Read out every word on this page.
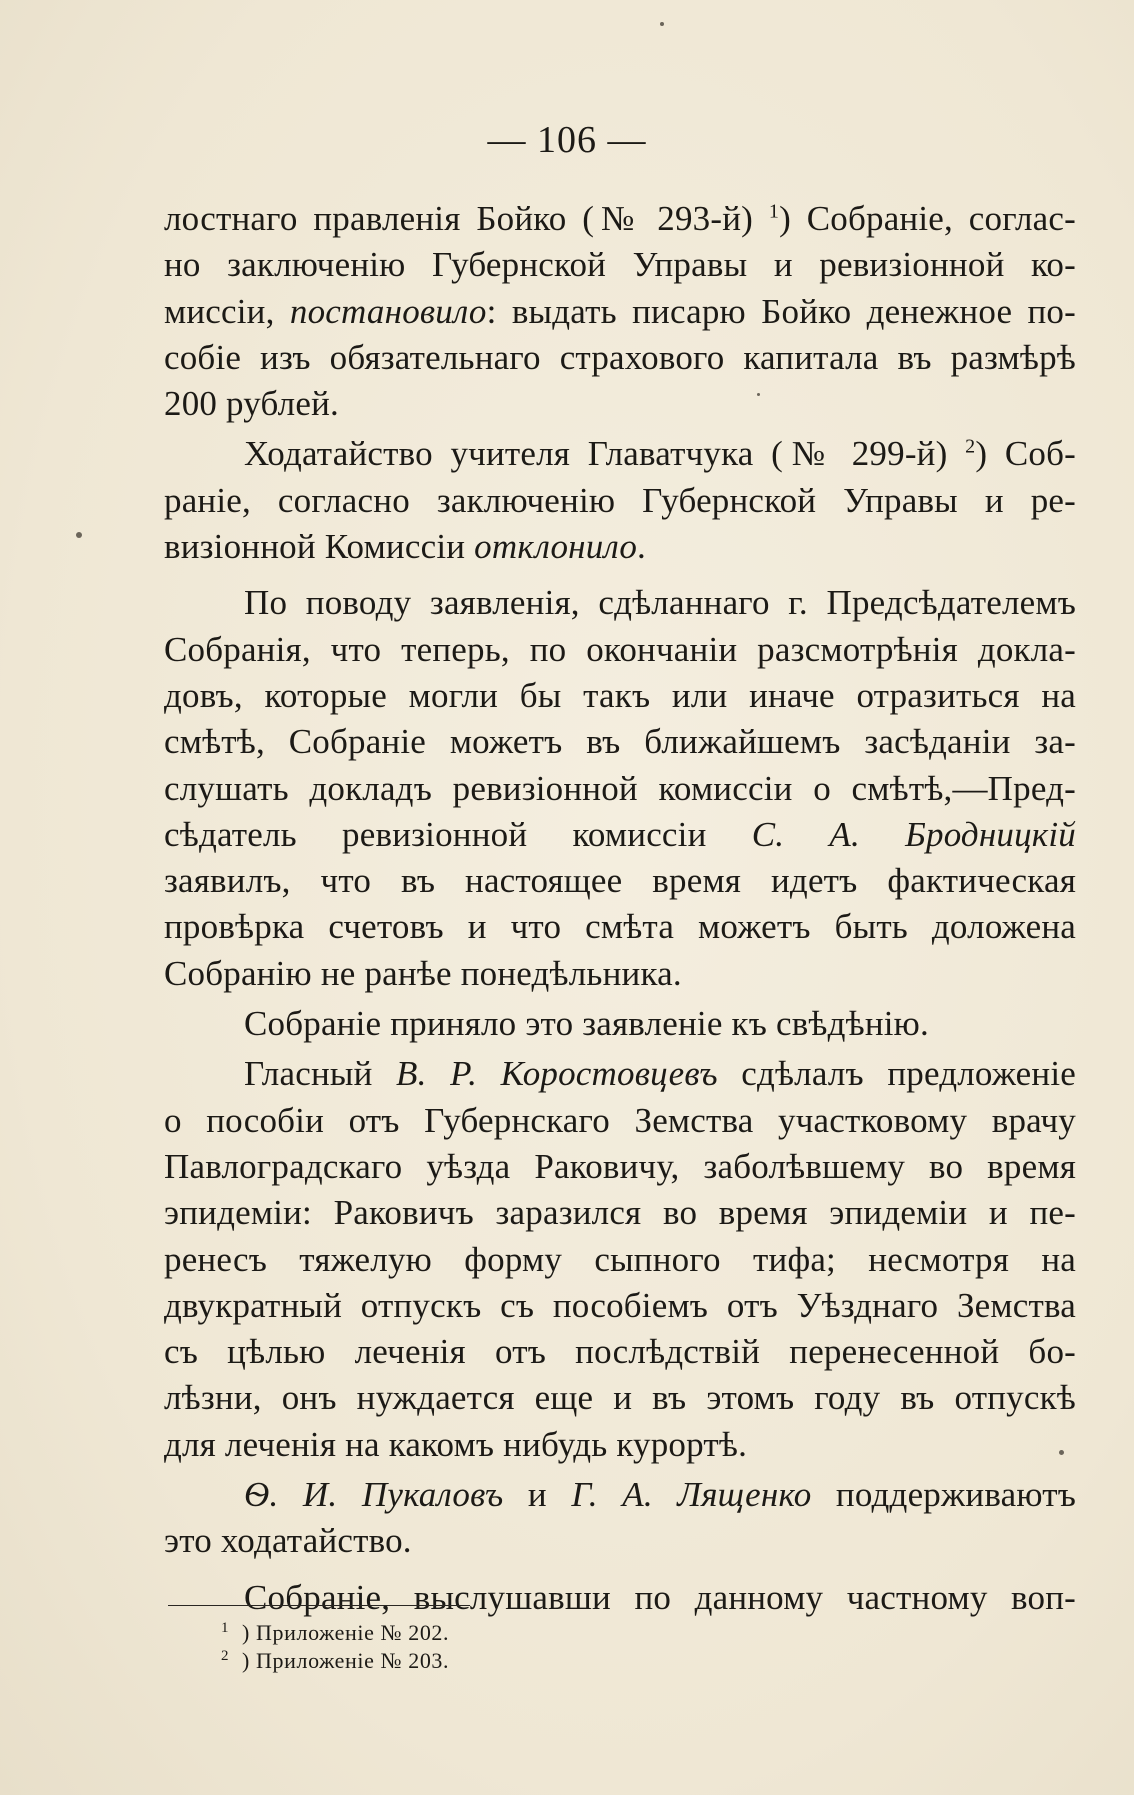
— 106 —
лостнаго правленія Бойко (№ 293-й) $^1$) Собраніе, соглас-
но заключенію Губернской Управы и ревизіонной ко-
миссіи, постановило: выдать писарю Бойко денежное по-
собіе изъ обязательнаго страхового капитала въ размѣрѣ
200 рублей.
Ходатайство учителя Главатчука (№ 299-й) $^2$) Соб-
раніе, согласно заключенію Губернской Управы и ре-
визіонной Комиссіи отклонило.
По поводу заявленія, сдѣланнаго г. Предсѣдателемъ
Собранія, что теперь, по окончаніи разсмотрѣнія докла-
довъ, которые могли бы такъ или иначе отразиться на
смѣтѣ, Собраніе можетъ въ ближайшемъ засѣданіи за-
слушать докладъ ревизіонной комиссіи о смѣтѣ,—Пред-
сѣдатель ревизіонной комиссіи С. А. Бродницкій
заявилъ, что въ настоящее время идетъ фактическая
провѣрка счетовъ и что смѣта можетъ быть доложена
Собранію не ранѣе понедѣльника.
Собраніе приняло это заявленіе къ свѣдѣнію.
Гласный В. Р. Коростовцевъ сдѣлалъ предложеніе
о пособіи отъ Губернскаго Земства участковому врачу
Павлоградскаго уѣзда Раковичу, заболѣвшему во время
эпидеміи: Раковичъ заразился во время эпидеміи и пе-
ренесъ тяжелую форму сыпного тифа; несмотря на
двукратный отпускъ съ пособіемъ отъ Уѣзднаго Земства
съ цѣлью леченія отъ послѣдствій перенесенной бо-
лѣзни, онъ нуждается еще и въ этомъ году въ отпускѣ
для леченія на какомъ нибудь курортѣ.
Ѳ. И. Пукаловъ и Г. А. Лященко поддерживаютъ
это ходатайство.
Собраніе, выслушавши по данному частному воп-
1 ) Приложеніе № 202.
2 ) Приложеніе № 203.
